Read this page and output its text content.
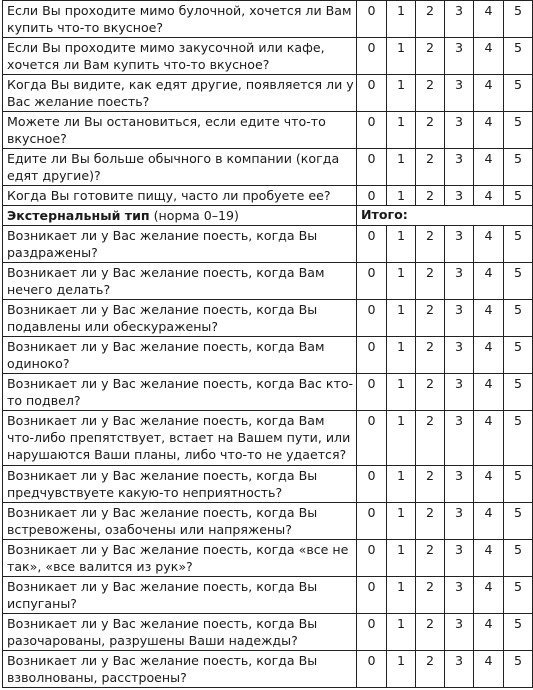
Если Вы проходите мимо булочной, хочется ли Вам купить что-то вкусное?	0	1	2	3	4	5
Если Вы проходите мимо закусочной или кафе, хочется ли Вам купить что-то вкусное?	0	1	2	3	4	5
Когда Вы видите, как едят другие, появляется ли у Вас желание поесть?	0	1	2	3	4	5
Можете ли Вы остановиться, если едите что-то вкусное?	0	1	2	3	4	5
Едите ли Вы больше обычного в компании (когда едят другие)?	0	1	2	3	4	5
Когда Вы готовите пищу, часто ли пробуете ее?	0	1	2	3	4	5
Экстернальный тип (норма 0–19)	Итого:					
Возникает ли у Вас желание поесть, когда Вы раздражены?	0	1	2	3	4	5
Возникает ли у Вас желание поесть, когда Вам нечего делать?	0	1	2	3	4	5
Возникает ли у Вас желание поесть, когда Вы подавлены или обескуражены?	0	1	2	3	4	5
Возникает ли у Вас желание поесть, когда Вам одиноко?	0	1	2	3	4	5
Возникает ли у Вас желание поесть, когда Вас кто-то подвел?	0	1	2	3	4	5
Возникает ли у Вас желание поесть, когда Вам что-либо препятствует, встает на Вашем пути, или нарушаются Ваши планы, либо что-то не удается?	0	1	2	3	4	5
Возникает ли у Вас желание поесть, когда Вы предчувствуете какую-то неприятность?	0	1	2	3	4	5
Возникает ли у Вас желание поесть, когда Вы встревожены, озабочены или напряжены?	0	1	2	3	4	5
Возникает ли у Вас желание поесть, когда «все не так», «все валится из рук»?	0	1	2	3	4	5
Возникает ли у Вас желание поесть, когда Вы испуганы?	0	1	2	3	4	5
Возникает ли у Вас желание поесть, когда Вы разочарованы, разрушены Ваши надежды?	0	1	2	3	4	5
Возникает ли у Вас желание поесть, когда Вы взволнованы, расстроены?	0	1	2	3	4	5
